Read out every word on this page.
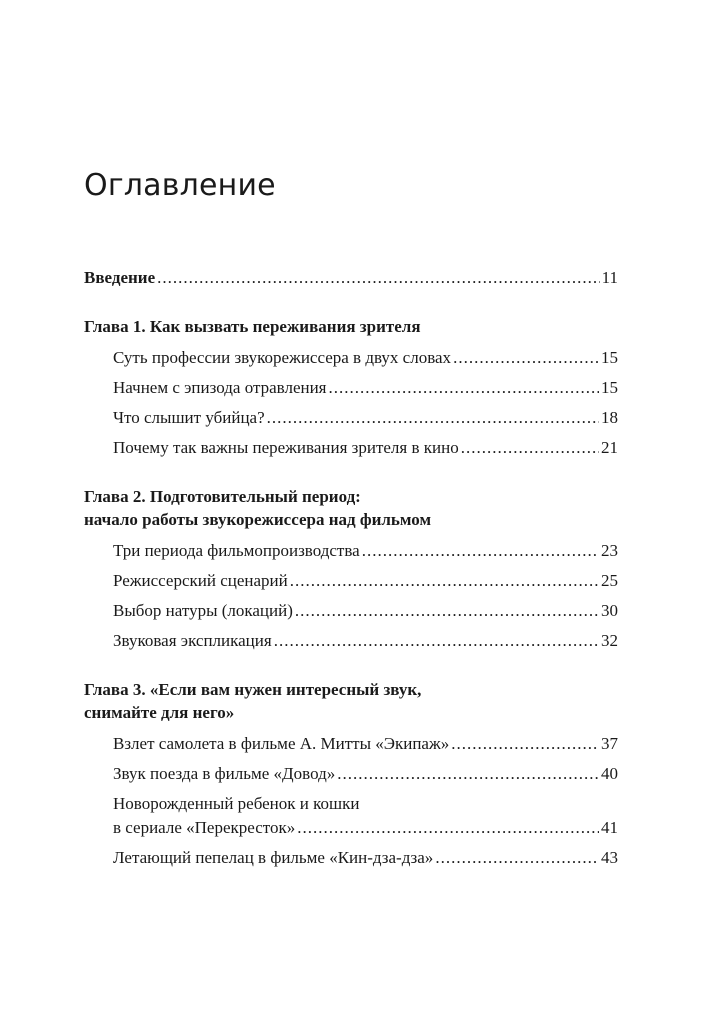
Оглавление
Введение .....	11
Глава 1. Как вызвать переживания зрителя
Суть профессии звукорежиссера в двух словах .....	15
Начнем с эпизода отравления .....	15
Что слышит убийца? .....	18
Почему так важны переживания зрителя в кино .....	21
Глава 2. Подготовительный период:
начало работы звукорежиссера над фильмом
Три периода фильмопроизводства .....	23
Режиссерский сценарий .....	25
Выбор натуры (локаций) .....	30
Звуковая экспликация .....	32
Глава 3. «Если вам нужен интересный звук,
снимайте для него»
Взлет самолета в фильме А. Митты «Экипаж» .....	37
Звук поезда в фильме «Довод» .....	40
Новорожденный ребенок и кошки
в сериале «Перекресток» .....	41
Летающий пепелац в фильме «Кин-дза-дза» .....	43
